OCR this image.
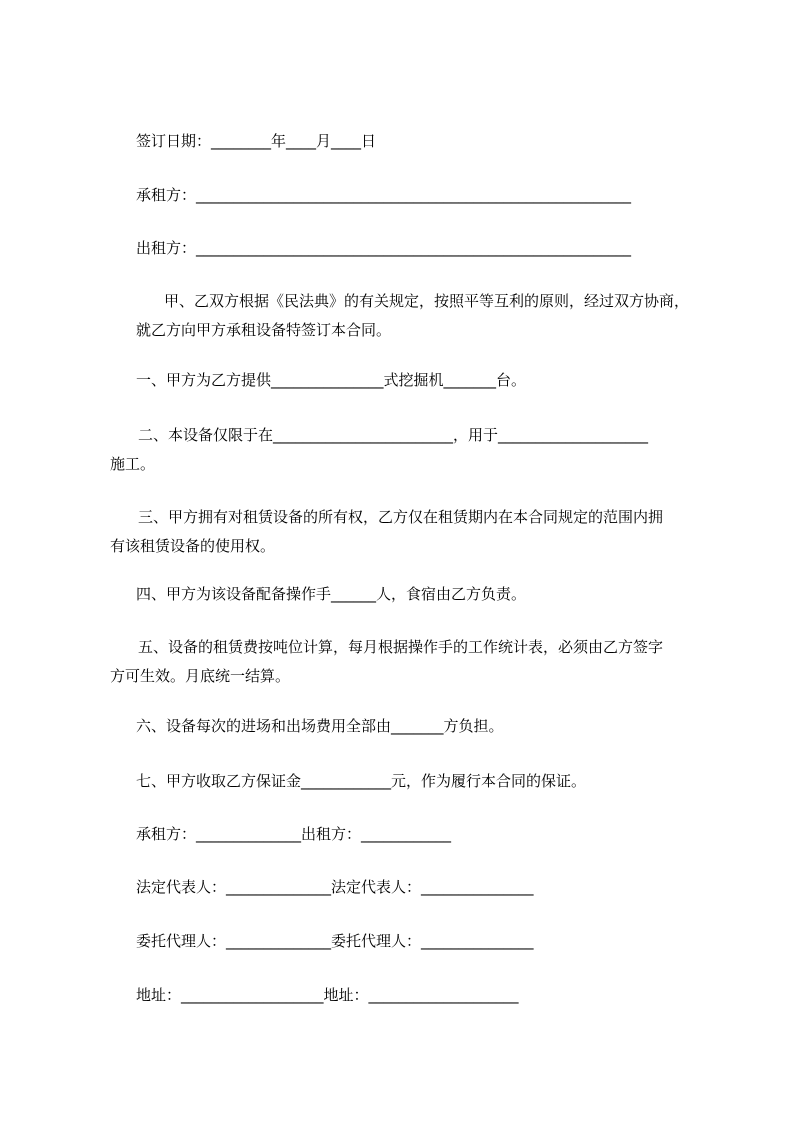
签订日期：________年____月____日
承租方：__________________________________________________________
出租方：__________________________________________________________
甲、乙双方根据《民法典》的有关规定，按照平等互利的原则，经过双方协商，
就乙方向甲方承租设备特签订本合同。
一、甲方为乙方提供_______________式挖掘机_______台。
二、本设备仅限于在________________________，用于____________________
施工。
三、甲方拥有对租赁设备的所有权，乙方仅在租赁期内在本合同规定的范围内拥
有该租赁设备的使用权。
四、甲方为该设备配备操作手______人，食宿由乙方负责。
五、设备的租赁费按吨位计算，每月根据操作手的工作统计表，必须由乙方签字
方可生效。月底统一结算。
六、设备每次的进场和出场费用全部由_______方负担。
七、甲方收取乙方保证金____________元，作为履行本合同的保证。
承租方：______________出租方：____________
法定代表人：______________法定代表人：_______________
委托代理人：______________委托代理人：_______________
地址：___________________地址：____________________
